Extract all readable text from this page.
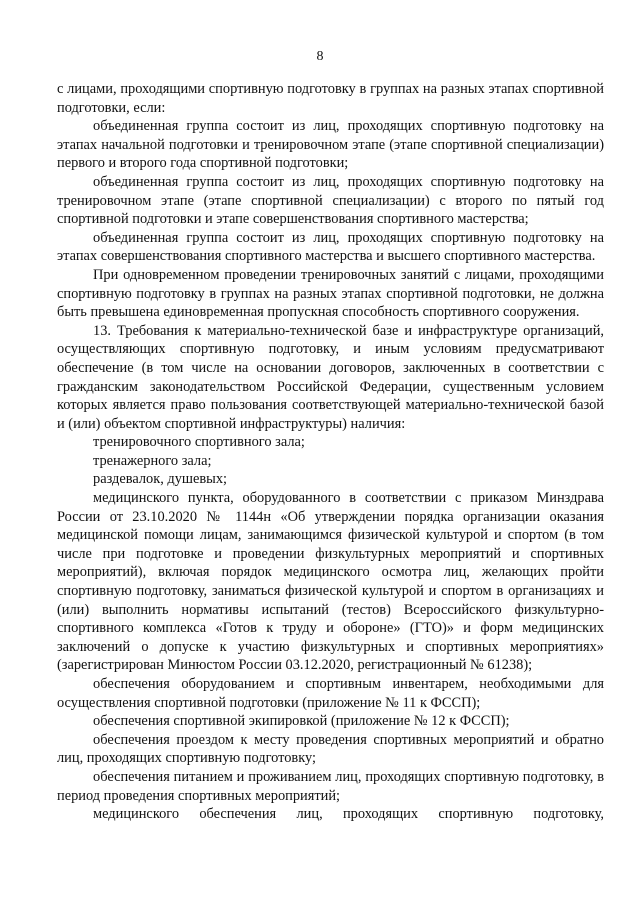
8

с лицами, проходящими спортивную подготовку в группах на разных этапах спортивной подготовки, если:

объединенная группа состоит из лиц, проходящих спортивную подготовку на этапах начальной подготовки и тренировочном этапе (этапе спортивной специализации) первого и второго года спортивной подготовки;

объединенная группа состоит из лиц, проходящих спортивную подготовку на тренировочном этапе (этапе спортивной специализации) с второго по пятый год спортивной подготовки и этапе совершенствования спортивного мастерства;

объединенная группа состоит из лиц, проходящих спортивную подготовку на этапах совершенствования спортивного мастерства и высшего спортивного мастерства.

При одновременном проведении тренировочных занятий с лицами, проходящими спортивную подготовку в группах на разных этапах спортивной подготовки, не должна быть превышена единовременная пропускная способность спортивного сооружения.

13. Требования к материально-технической базе и инфраструктуре организаций, осуществляющих спортивную подготовку, и иным условиям предусматривают обеспечение (в том числе на основании договоров, заключенных в соответствии с гражданским законодательством Российской Федерации, существенным условием которых является право пользования соответствующей материально-технической базой и (или) объектом спортивной инфраструктуры) наличия:

тренировочного спортивного зала;

тренажерного зала;

раздевалок, душевых;

медицинского пункта, оборудованного в соответствии с приказом Минздрава России от 23.10.2020 № 1144н «Об утверждении порядка организации оказания медицинской помощи лицам, занимающимся физической культурой и спортом (в том числе при подготовке и проведении физкультурных мероприятий и спортивных мероприятий), включая порядок медицинского осмотра лиц, желающих пройти спортивную подготовку, заниматься физической культурой и спортом в организациях и (или) выполнить нормативы испытаний (тестов) Всероссийского физкультурно-спортивного комплекса «Готов к труду и обороне» (ГТО)» и форм медицинских заключений о допуске к участию физкультурных и спортивных мероприятиях» (зарегистрирован Минюстом России 03.12.2020, регистрационный № 61238);

обеспечения оборудованием и спортивным инвентарем, необходимыми для осуществления спортивной подготовки (приложение № 11 к ФССП);

обеспечения спортивной экипировкой (приложение № 12 к ФССП);

обеспечения проездом к месту проведения спортивных мероприятий и обратно лиц, проходящих спортивную подготовку;

обеспечения питанием и проживанием лиц, проходящих спортивную подготовку, в период проведения спортивных мероприятий;

медицинского обеспечения лиц, проходящих спортивную подготовку,
